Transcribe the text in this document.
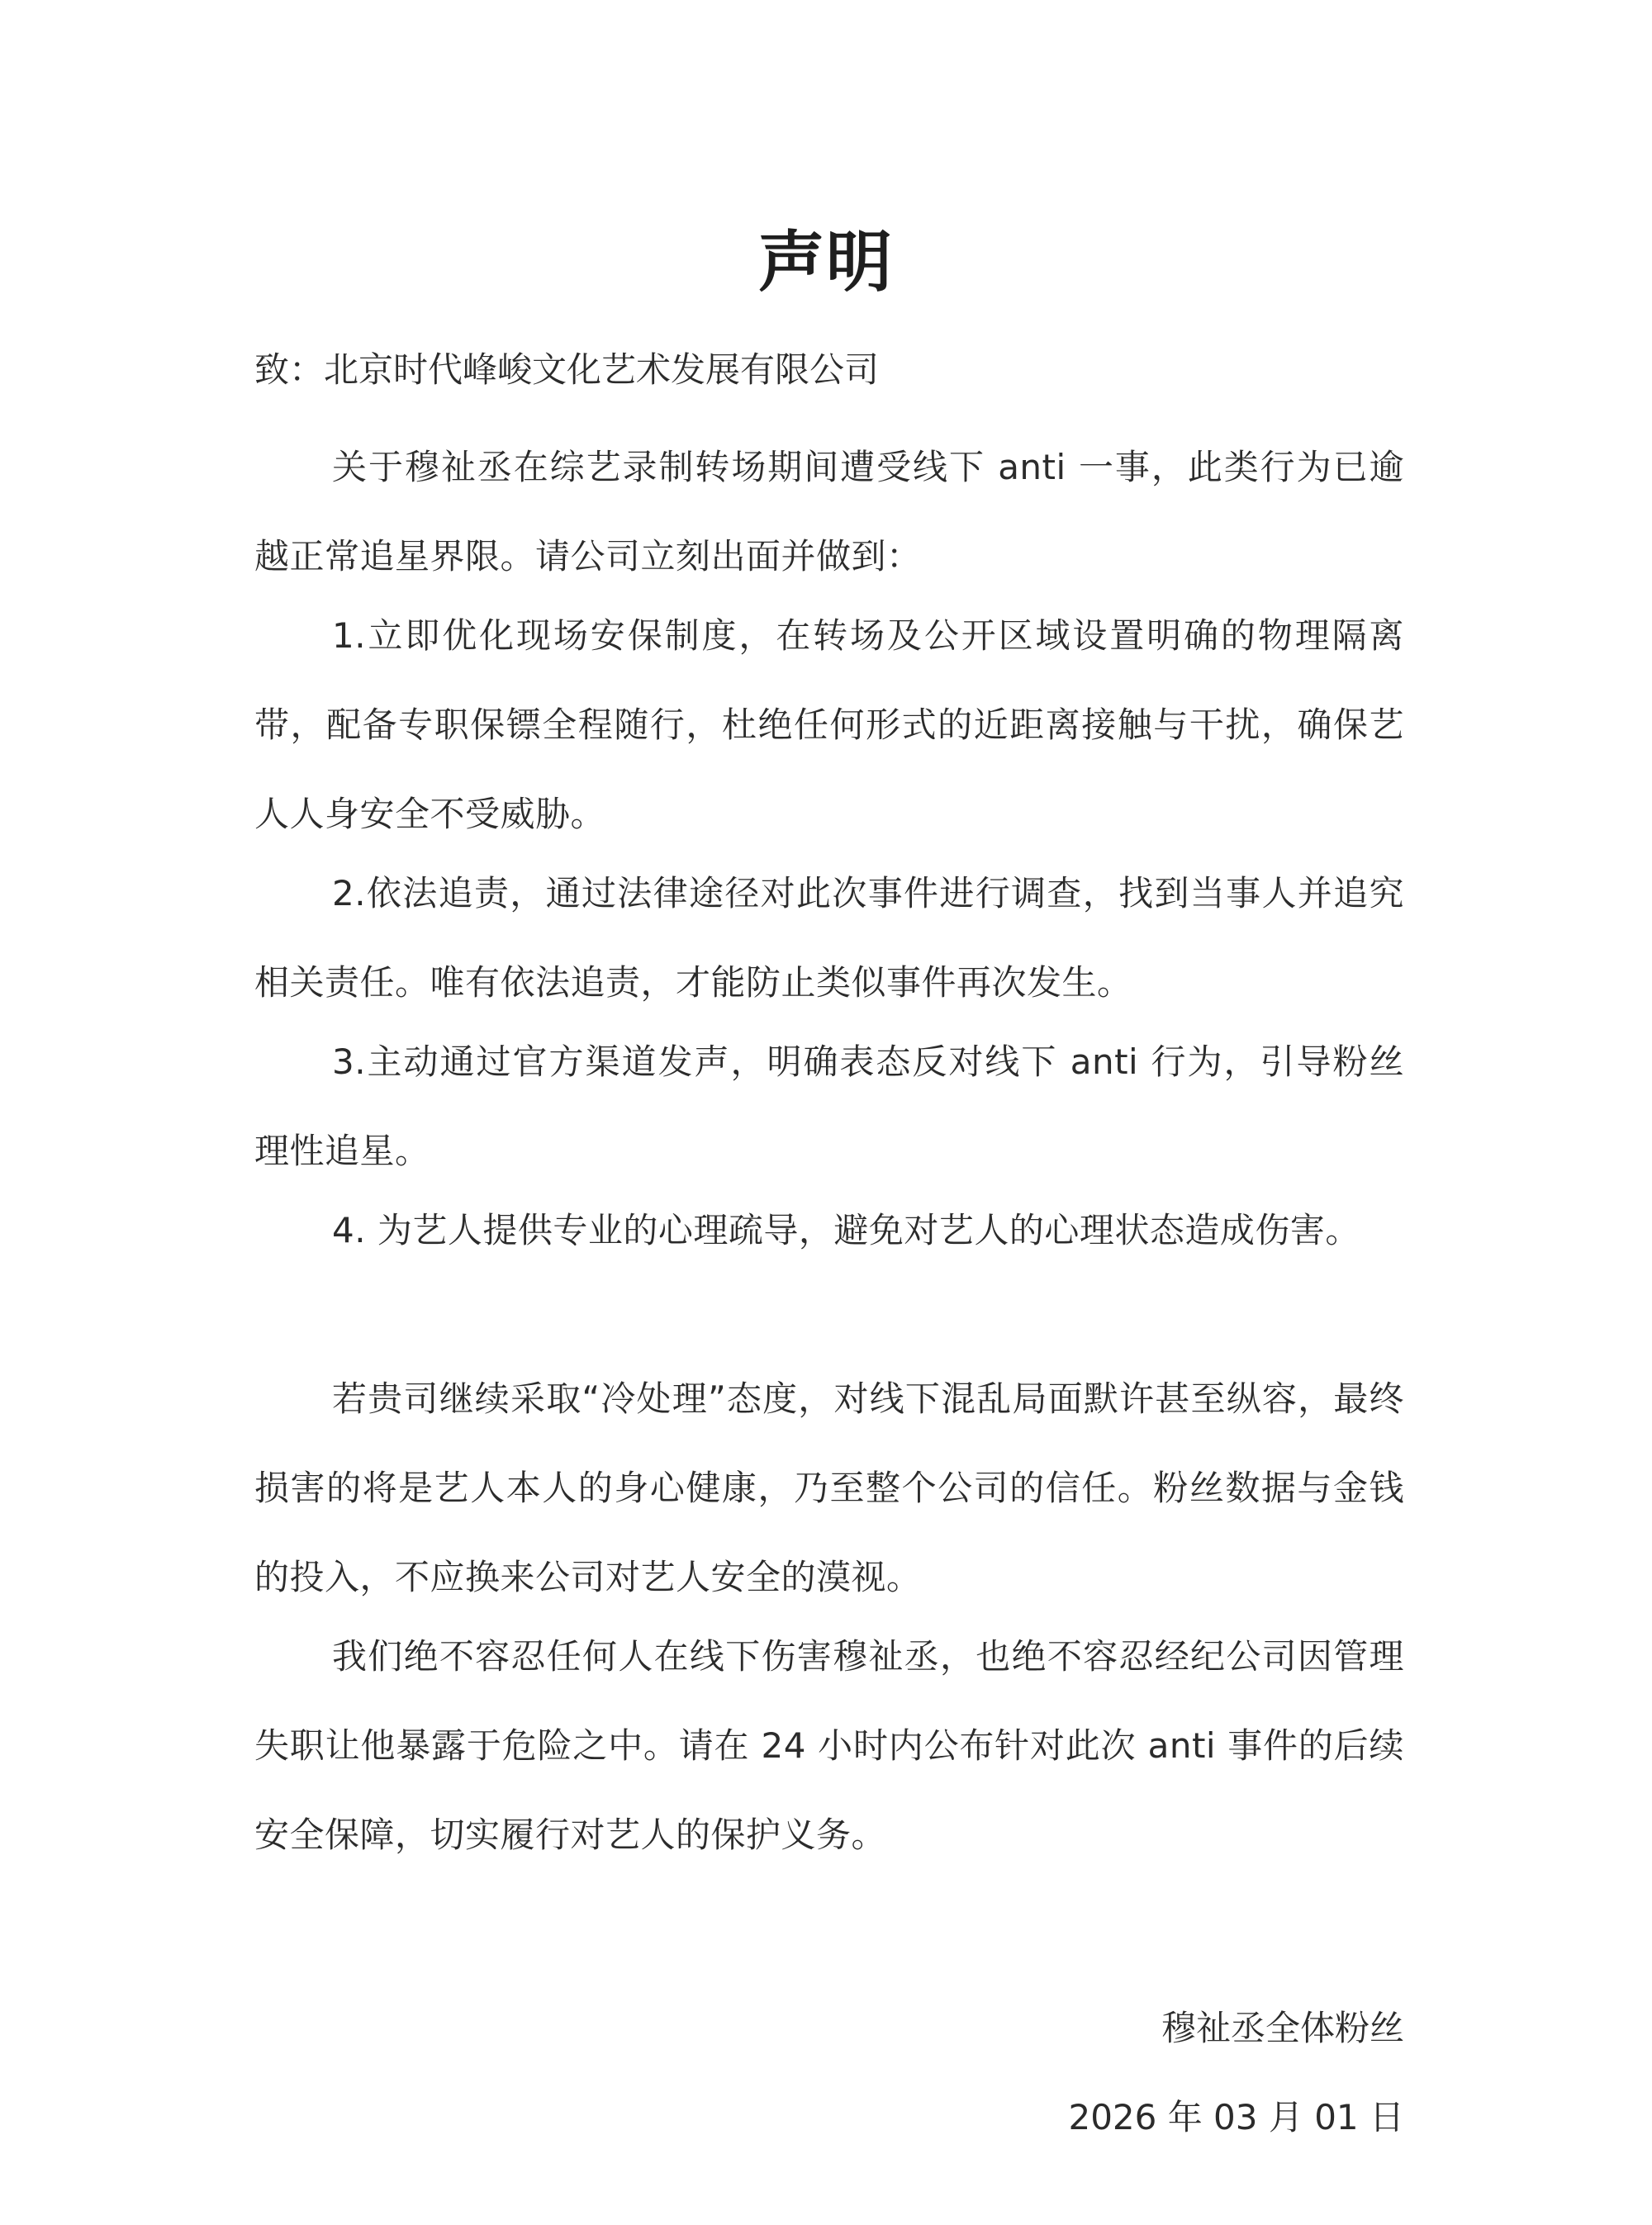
声明
致：北京时代峰峻文化艺术发展有限公司

关于穆祉丞在综艺录制转场期间遭受线下 anti 一事，此类行为已逾越正常追星界限。请公司立刻出面并做到：

1.立即优化现场安保制度，在转场及公开区域设置明确的物理隔离带，配备专职保镖全程随行，杜绝任何形式的近距离接触与干扰，确保艺人人身安全不受威胁。

2.依法追责，通过法律途径对此次事件进行调查，找到当事人并追究相关责任。唯有依法追责，才能防止类似事件再次发生。

3.主动通过官方渠道发声，明确表态反对线下 anti 行为，引导粉丝理性追星。

4. 为艺人提供专业的心理疏导，避免对艺人的心理状态造成伤害。

若贵司继续采取“冷处理”态度，对线下混乱局面默许甚至纵容，最终损害的将是艺人本人的身心健康，乃至整个公司的信任。粉丝数据与金钱的投入，不应换来公司对艺人安全的漠视。

我们绝不容忍任何人在线下伤害穆祉丞，也绝不容忍经纪公司因管理失职让他暴露于危险之中。请在 24 小时内公布针对此次 anti 事件的后续安全保障，切实履行对艺人的保护义务。

穆祉丞全体粉丝
2026 年 03 月 01 日
